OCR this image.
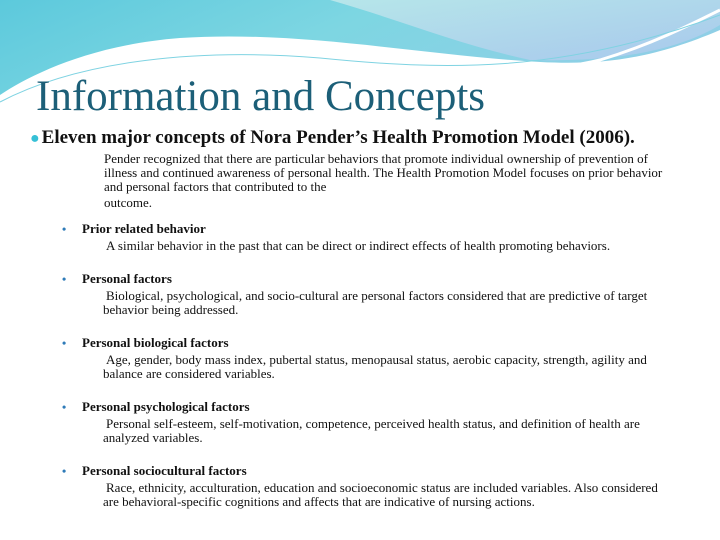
Information and Concepts
● Eleven major concepts of Nora Pender’s Health Promotion Model (2006).
Pender recognized that there are particular behaviors that promote individual ownership of prevention of illness and continued awareness of personal health. The Health Promotion Model focuses on prior behavior and personal factors that contributed to the
outcome.
• Prior related behavior
A similar behavior in the past that can be direct or indirect effects of health promoting behaviors.
• Personal factors
Biological, psychological, and socio-cultural are personal factors considered that are predictive of target behavior being addressed.
• Personal biological factors
Age, gender, body mass index, pubertal status, menopausal status, aerobic capacity, strength, agility and balance are considered variables.
• Personal psychological factors
Personal self-esteem, self-motivation, competence, perceived health status, and definition of health are analyzed variables.
• Personal sociocultural factors
Race, ethnicity, acculturation, education and socioeconomic status are included variables. Also considered are behavioral-specific cognitions and affects that are indicative of nursing actions.
